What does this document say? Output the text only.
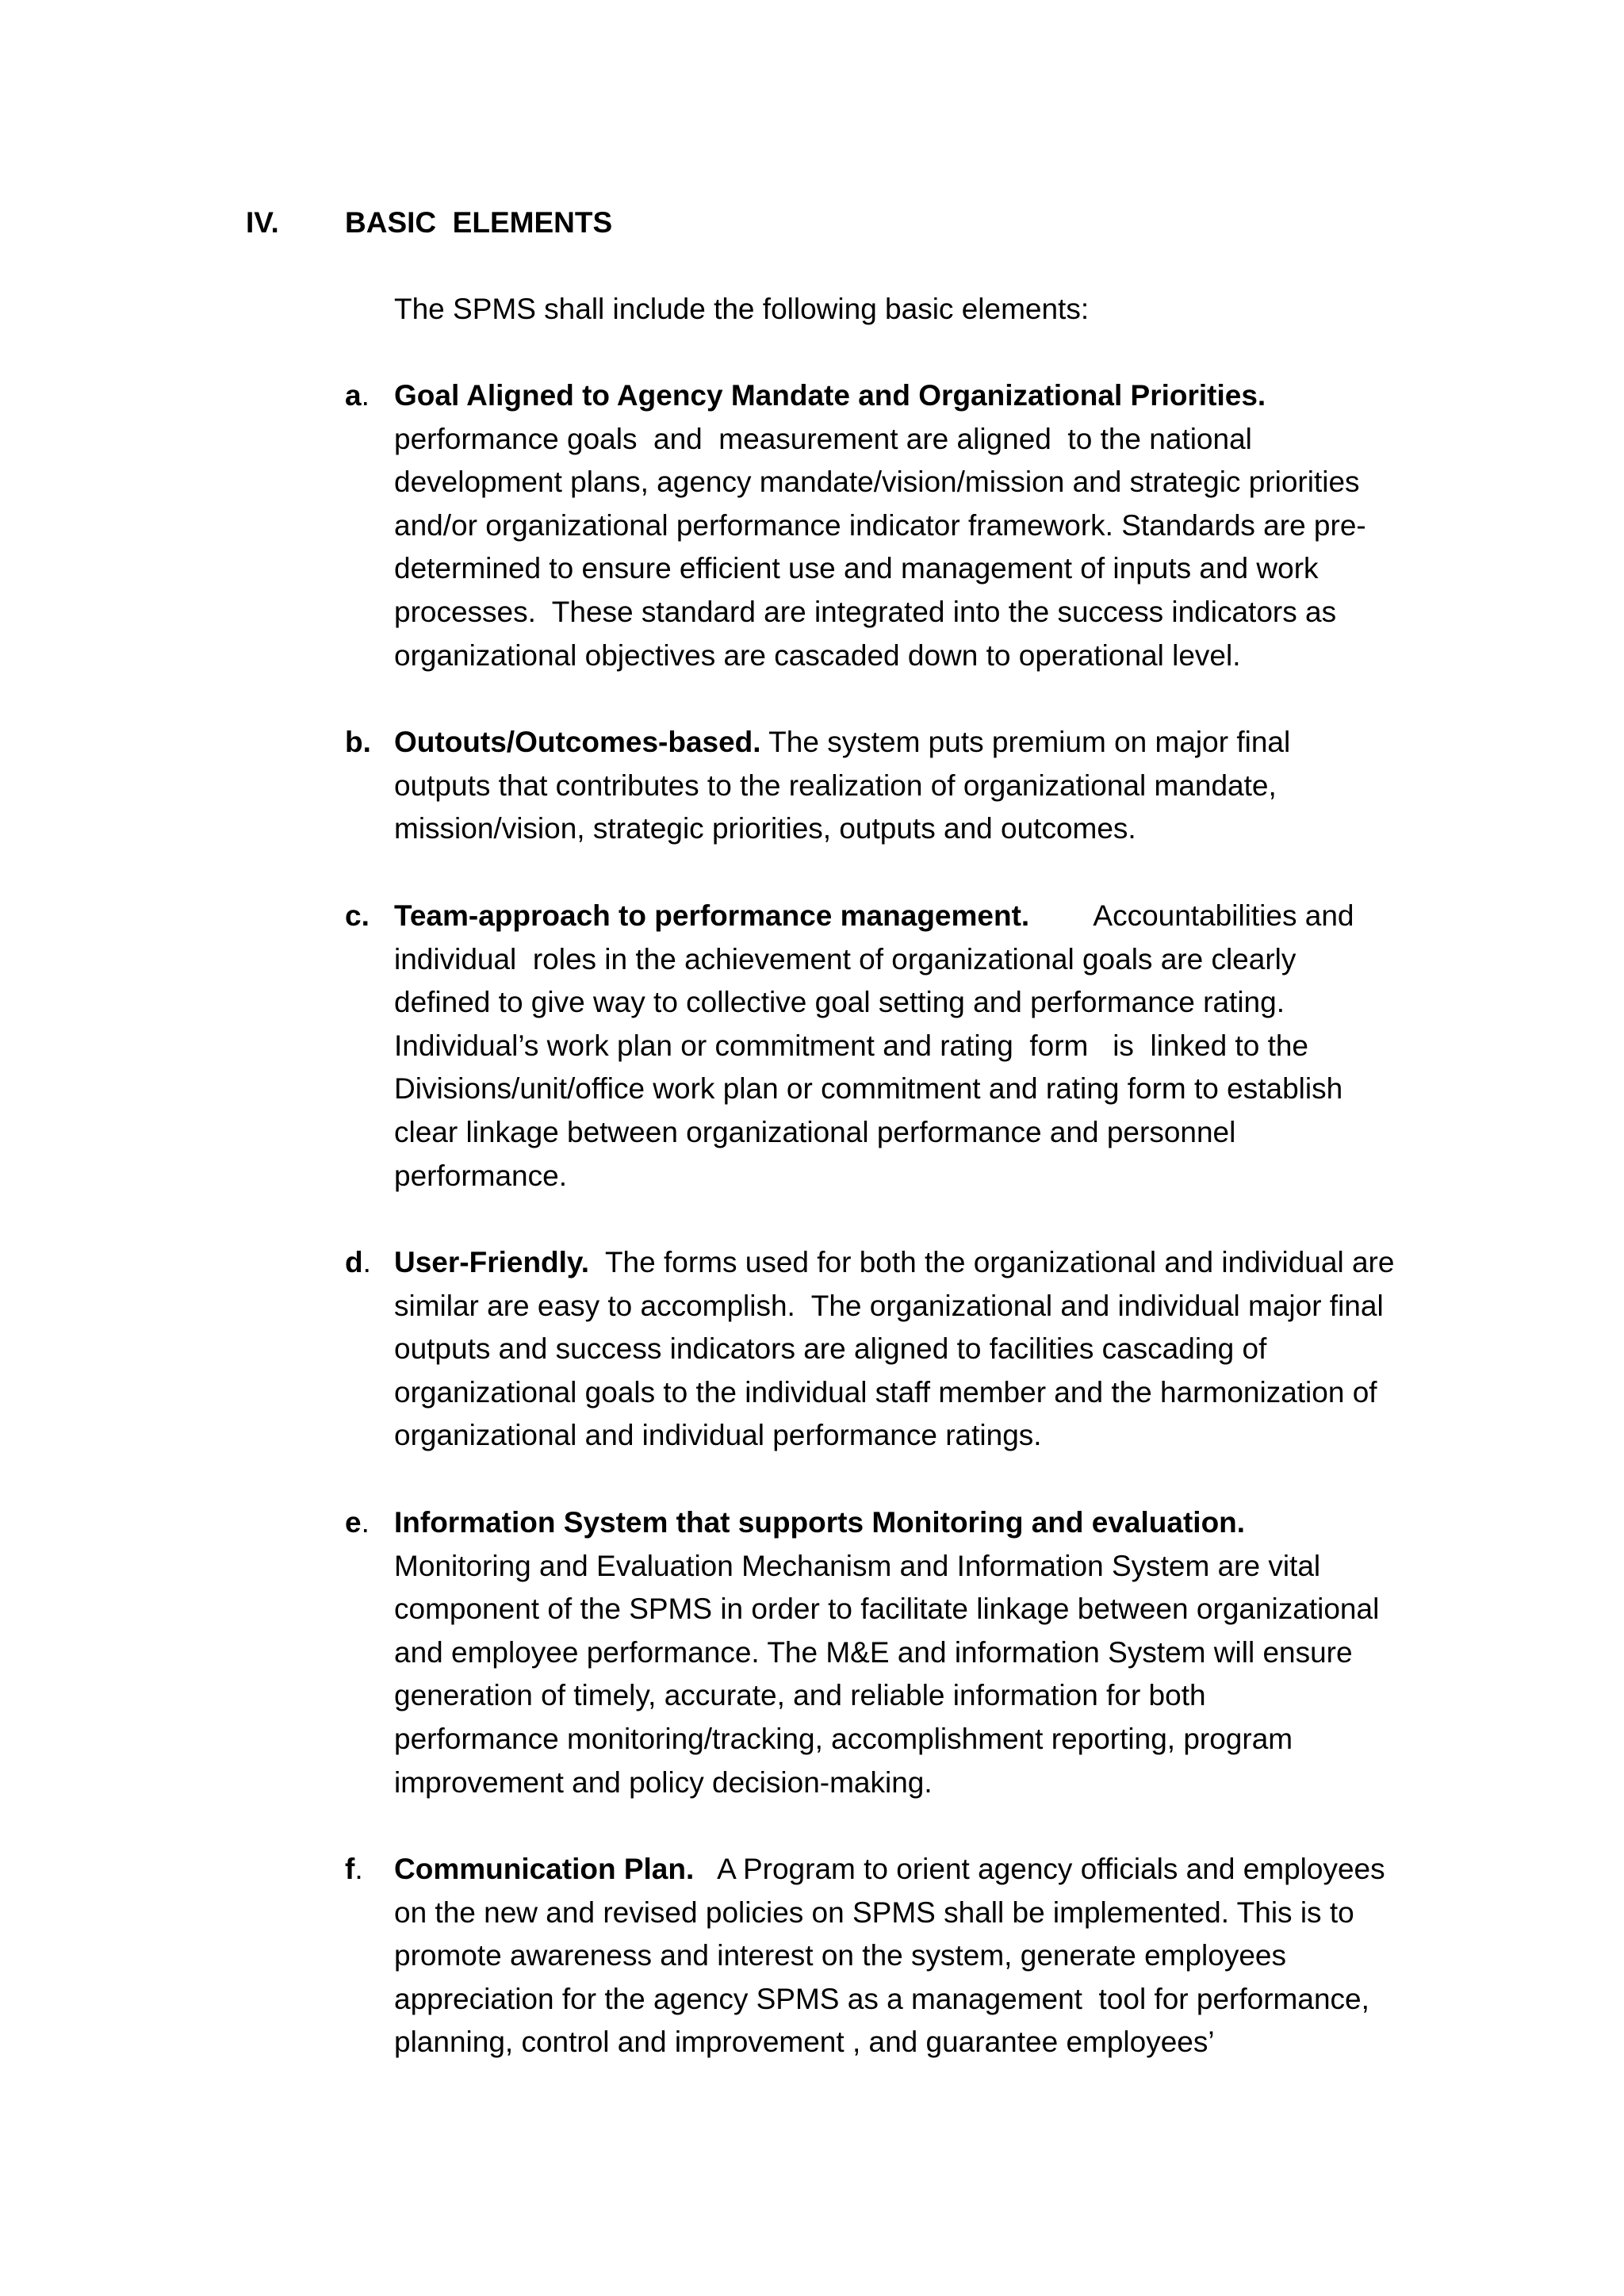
IV. BASIC  ELEMENTS
The SPMS shall include the following basic elements:
a. Goal Aligned to Agency Mandate and Organizational Priorities.
performance goals  and  measurement are aligned  to the national
development plans, agency mandate/vision/mission and strategic priorities
and/or organizational performance indicator framework. Standards are pre-
determined to ensure efficient use and management of inputs and work
processes.  These standard are integrated into the success indicators as
organizational objectives are cascaded down to operational level.
b. Outouts/Outcomes-based. The system puts premium on major final
outputs that contributes to the realization of organizational mandate,
mission/vision, strategic priorities, outputs and outcomes.
c. Team-approach to performance management.        Accountabilities and
individual  roles in the achievement of organizational goals are clearly
defined to give way to collective goal setting and performance rating.
Individual’s work plan or commitment and rating  form   is  linked to the
Divisions/unit/office work plan or commitment and rating form to establish
clear linkage between organizational performance and personnel
performance.
d. User-Friendly.  The forms used for both the organizational and individual are
similar are easy to accomplish.  The organizational and individual major final
outputs and success indicators are aligned to facilities cascading of
organizational goals to the individual staff member and the harmonization of
organizational and individual performance ratings.
e. Information System that supports Monitoring and evaluation.
Monitoring and Evaluation Mechanism and Information System are vital
component of the SPMS in order to facilitate linkage between organizational
and employee performance. The M&E and information System will ensure
generation of timely, accurate, and reliable information for both
performance monitoring/tracking, accomplishment reporting, program
improvement and policy decision-making.
f.	Communication Plan.   A Program to orient agency officials and employees
on the new and revised policies on SPMS shall be implemented. This is to
promote awareness and interest on the system, generate employees
appreciation for the agency SPMS as a management  tool for performance,
planning, control and improvement , and guarantee employees’
